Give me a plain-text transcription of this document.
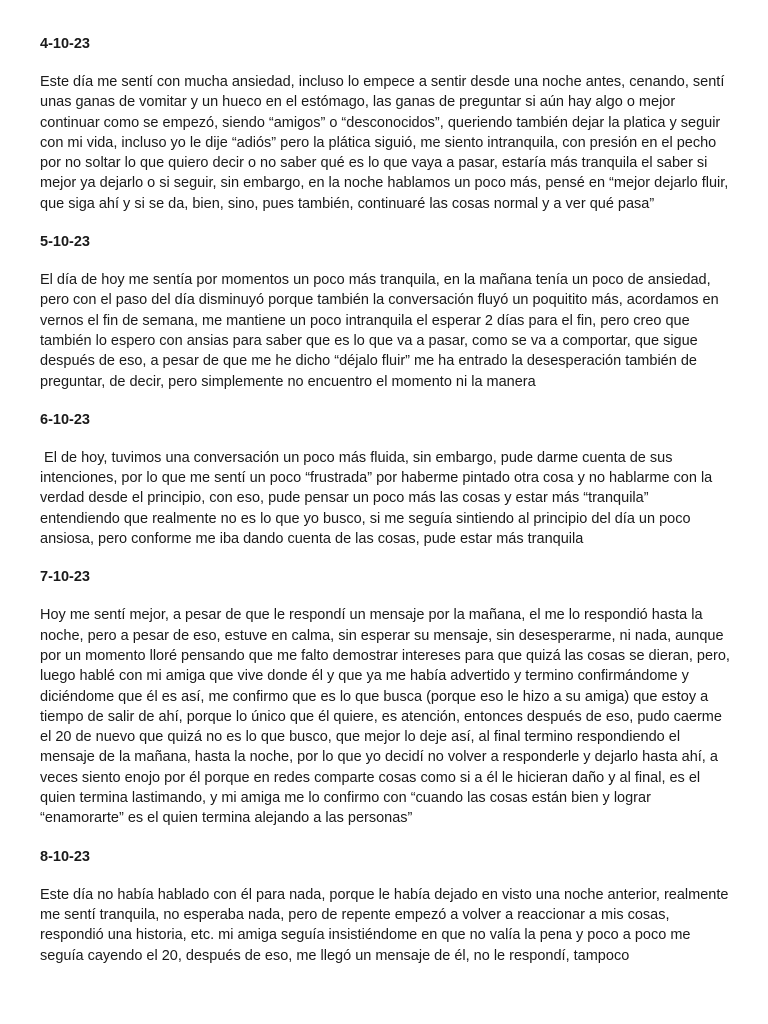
4-10-23
Este día me sentí con mucha ansiedad, incluso lo empece a sentir desde una noche antes, cenando, sentí unas ganas de vomitar y un hueco en el estómago, las ganas de preguntar si aún hay algo o mejor continuar como se empezó, siendo “amigos” o “desconocidos”, queriendo también dejar la platica y seguir con mi vida, incluso yo le dije “adiós” pero la plática siguió, me siento intranquila, con presión en el pecho por no soltar lo que quiero decir o no saber qué es lo que vaya a pasar, estaría más tranquila el saber si mejor ya dejarlo o si seguir, sin embargo, en la noche hablamos un poco más, pensé en “mejor dejarlo fluir, que siga ahí y si se da, bien, sino, pues también, continuaré las cosas normal y a ver qué pasa”
5-10-23
El día de hoy me sentía por momentos un poco más tranquila, en la mañana tenía un poco de ansiedad, pero con el paso del día disminuyó porque también la conversación fluyó un poquitito más, acordamos en vernos el fin de semana, me mantiene un poco intranquila el esperar 2 días para el fin, pero creo que también lo espero con ansias para saber que es lo que va a pasar, como se va a comportar, que sigue después de eso, a pesar de que me he dicho “déjalo fluir” me ha entrado la desesperación también de preguntar, de decir, pero simplemente no encuentro el momento ni la manera
6-10-23
El de hoy, tuvimos una conversación un poco más fluida, sin embargo, pude darme cuenta de sus intenciones, por lo que me sentí un poco “frustrada” por haberme pintado otra cosa y no hablarme con la verdad desde el principio, con eso, pude pensar un poco más las cosas y estar más “tranquila” entendiendo que realmente no es lo que yo busco, si me seguía sintiendo al principio del día un poco ansiosa, pero conforme me iba dando cuenta de las cosas, pude estar más tranquila
7-10-23
Hoy me sentí mejor, a pesar de que le respondí un mensaje por la mañana, el me lo respondió hasta la noche, pero a pesar de eso, estuve en calma, sin esperar su mensaje, sin desesperarme, ni nada, aunque por un momento lloré pensando que me falto demostrar intereses para que quizá las cosas se dieran, pero, luego hablé con mi amiga que vive donde él y que ya me había advertido y termino confirmándome y diciéndome que él es así, me confirmo que es lo que busca (porque eso le hizo a su amiga) que estoy a tiempo de salir de ahí, porque lo único que él quiere, es atención, entonces después de eso, pudo caerme el 20 de nuevo que quizá no es lo que busco, que mejor lo deje así, al final termino respondiendo el mensaje de la mañana, hasta la noche, por lo que yo decidí no volver a responderle y dejarlo hasta ahí, a veces siento enojo por él porque en redes comparte cosas como si a él le hicieran daño y al final, es el quien termina lastimando, y mi amiga me lo confirmo con “cuando las cosas están bien y lograr “enamorarte” es el quien termina alejando a las personas”
8-10-23
Este día no había hablado con él para nada, porque le había dejado en visto una noche anterior, realmente me sentí tranquila, no esperaba nada, pero de repente empezó a volver a reaccionar a mis cosas, respondió una historia, etc. mi amiga seguía insistiéndome en que no valía la pena y poco a poco me seguía cayendo el 20, después de eso, me llegó un mensaje de él, no le respondí, tampoco
